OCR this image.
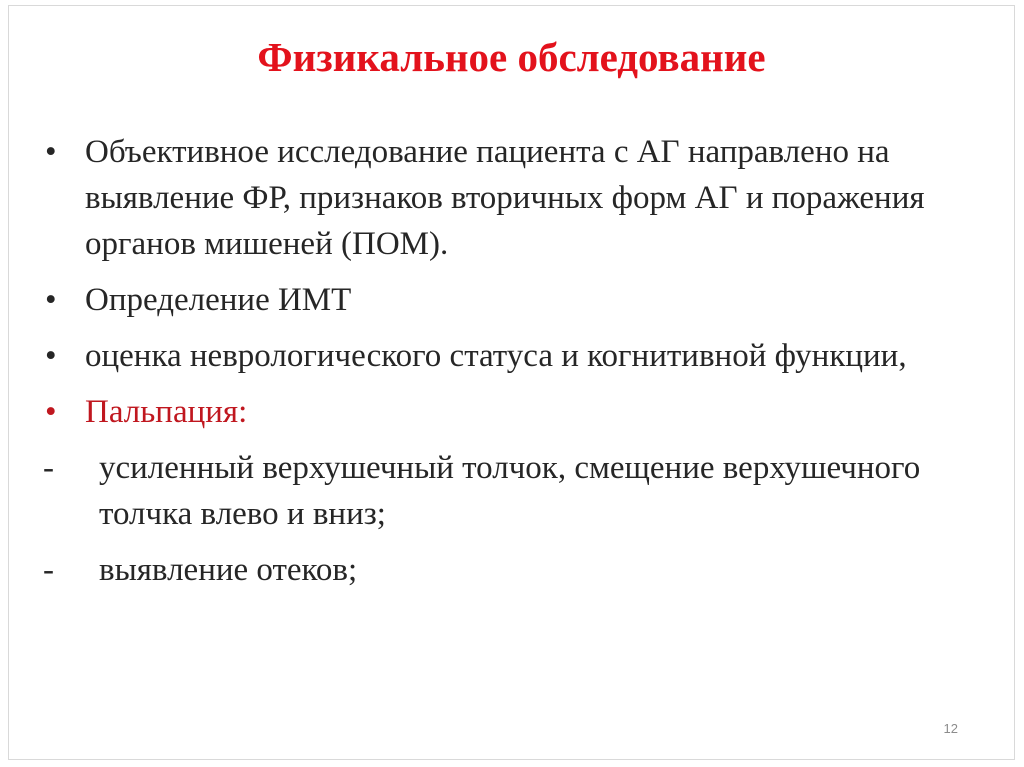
Физикальное обследование
• Объективное исследование пациента с АГ направлено на выявление ФР, признаков вторичных форм АГ и поражения органов мишеней (ПОМ).
• Определение ИМТ
• оценка неврологического статуса и когнитивной функции,
• Пальпация:
-	усиленный верхушечный толчок, смещение верхушечного толчка влево и вниз;
-	выявление отеков;
12
